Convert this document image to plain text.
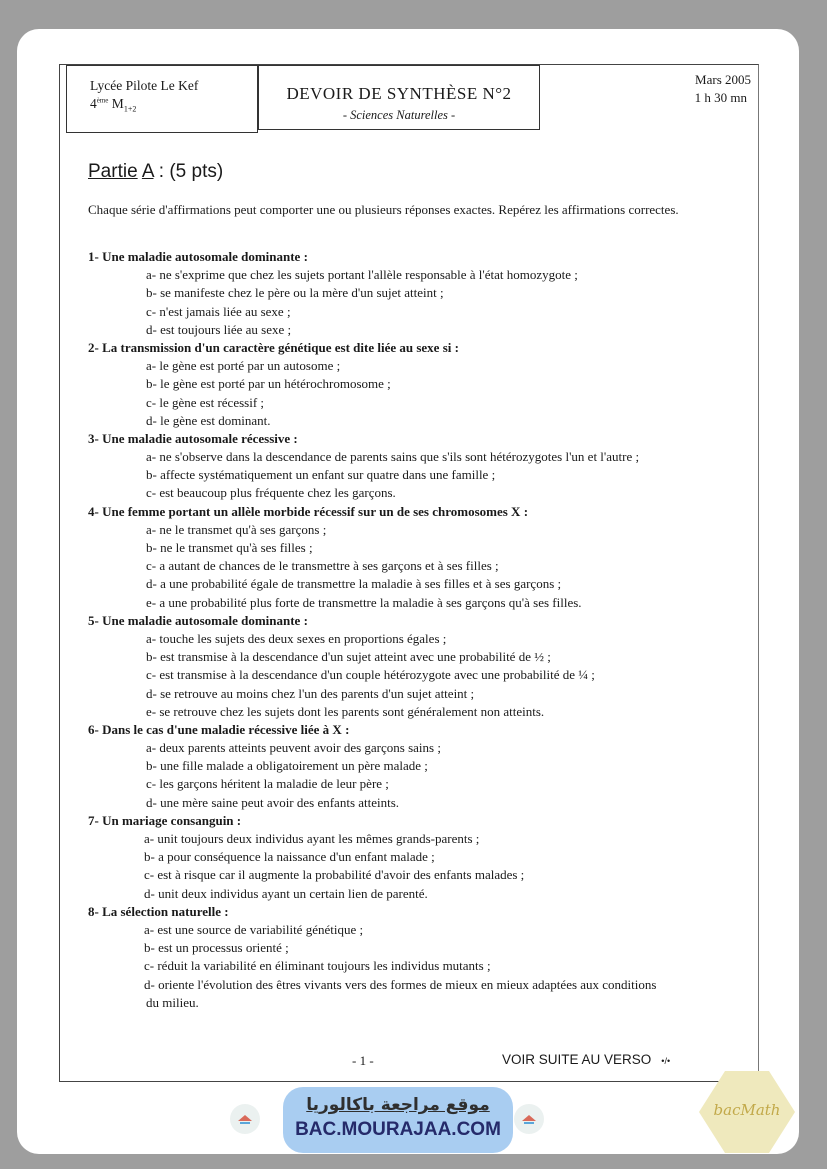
Lycée Pilote Le Kef
4ème $M_{1+2}$
DEVOIR DE SYNTHÈSE N°2
- Sciences Naturelles -
Mars 2005
1 h 30 mn
Partie A : (5 pts)
Chaque série d'affirmations peut comporter une ou plusieurs réponses exactes. Repérez les affirmations correctes.
1- Une maladie autosomale dominante :
a- ne s'exprime que chez les sujets portant l'allèle responsable à l'état homozygote ;
b- se manifeste chez le père ou la mère d'un sujet atteint ;
c- n'est jamais liée au sexe ;
d- est toujours liée au sexe ;
2- La transmission d'un caractère génétique est dite liée au sexe si :
a- le gène est porté par un autosome ;
b- le gène est porté par un hétérochromosome ;
c- le gène est récessif ;
d- le gène est dominant.
3- Une maladie autosomale récessive :
a- ne s'observe dans la descendance de parents sains que s'ils sont hétérozygotes l'un et l'autre ;
b- affecte systématiquement un enfant sur quatre dans une famille ;
c- est beaucoup plus fréquente chez les garçons.
4- Une femme portant un allèle morbide récessif sur un de ses chromosomes X :
a- ne le transmet qu'à ses garçons ;
b- ne le transmet qu'à ses filles ;
c- a autant de chances de le transmettre à ses garçons et à ses filles ;
d- a une probabilité égale de transmettre la maladie à ses filles et à ses garçons ;
e- a une probabilité plus forte de transmettre la maladie à ses garçons qu'à ses filles.
5- Une maladie autosomale dominante :
a- touche les sujets des deux sexes en proportions égales ;
b- est transmise à la descendance d'un sujet atteint avec une probabilité de ½ ;
c- est transmise à la descendance d'un couple hétérozygote avec une probabilité de ¼ ;
d- se retrouve au moins chez l'un des parents d'un sujet atteint ;
e- se retrouve chez les sujets dont les parents sont généralement non atteints.
6- Dans le cas d'une maladie récessive liée à X :
a- deux parents atteints peuvent avoir des garçons sains ;
b- une fille malade a obligatoirement un père malade ;
c- les garçons héritent la maladie de leur père ;
d- une mère saine peut avoir des enfants atteints.
7- Un mariage consanguin :
a- unit toujours deux individus ayant les mêmes grands-parents ;
b- a pour conséquence la naissance d'un enfant malade ;
c- est à risque car il augmente la probabilité d'avoir des enfants malades ;
d- unit deux individus ayant un certain lien de parenté.
8- La sélection naturelle :
a- est une source de variabilité génétique ;
b- est un processus orienté ;
c- réduit la variabilité en éliminant toujours les individus mutants ;
d- oriente l'évolution des êtres vivants vers des formes de mieux en mieux adaptées aux conditions
du milieu.
- 1 -	VOIR SUITE AU VERSO •/•
موقع مراجعة باكالوريا
BAC.MOURAJAA.COM
bacMath
